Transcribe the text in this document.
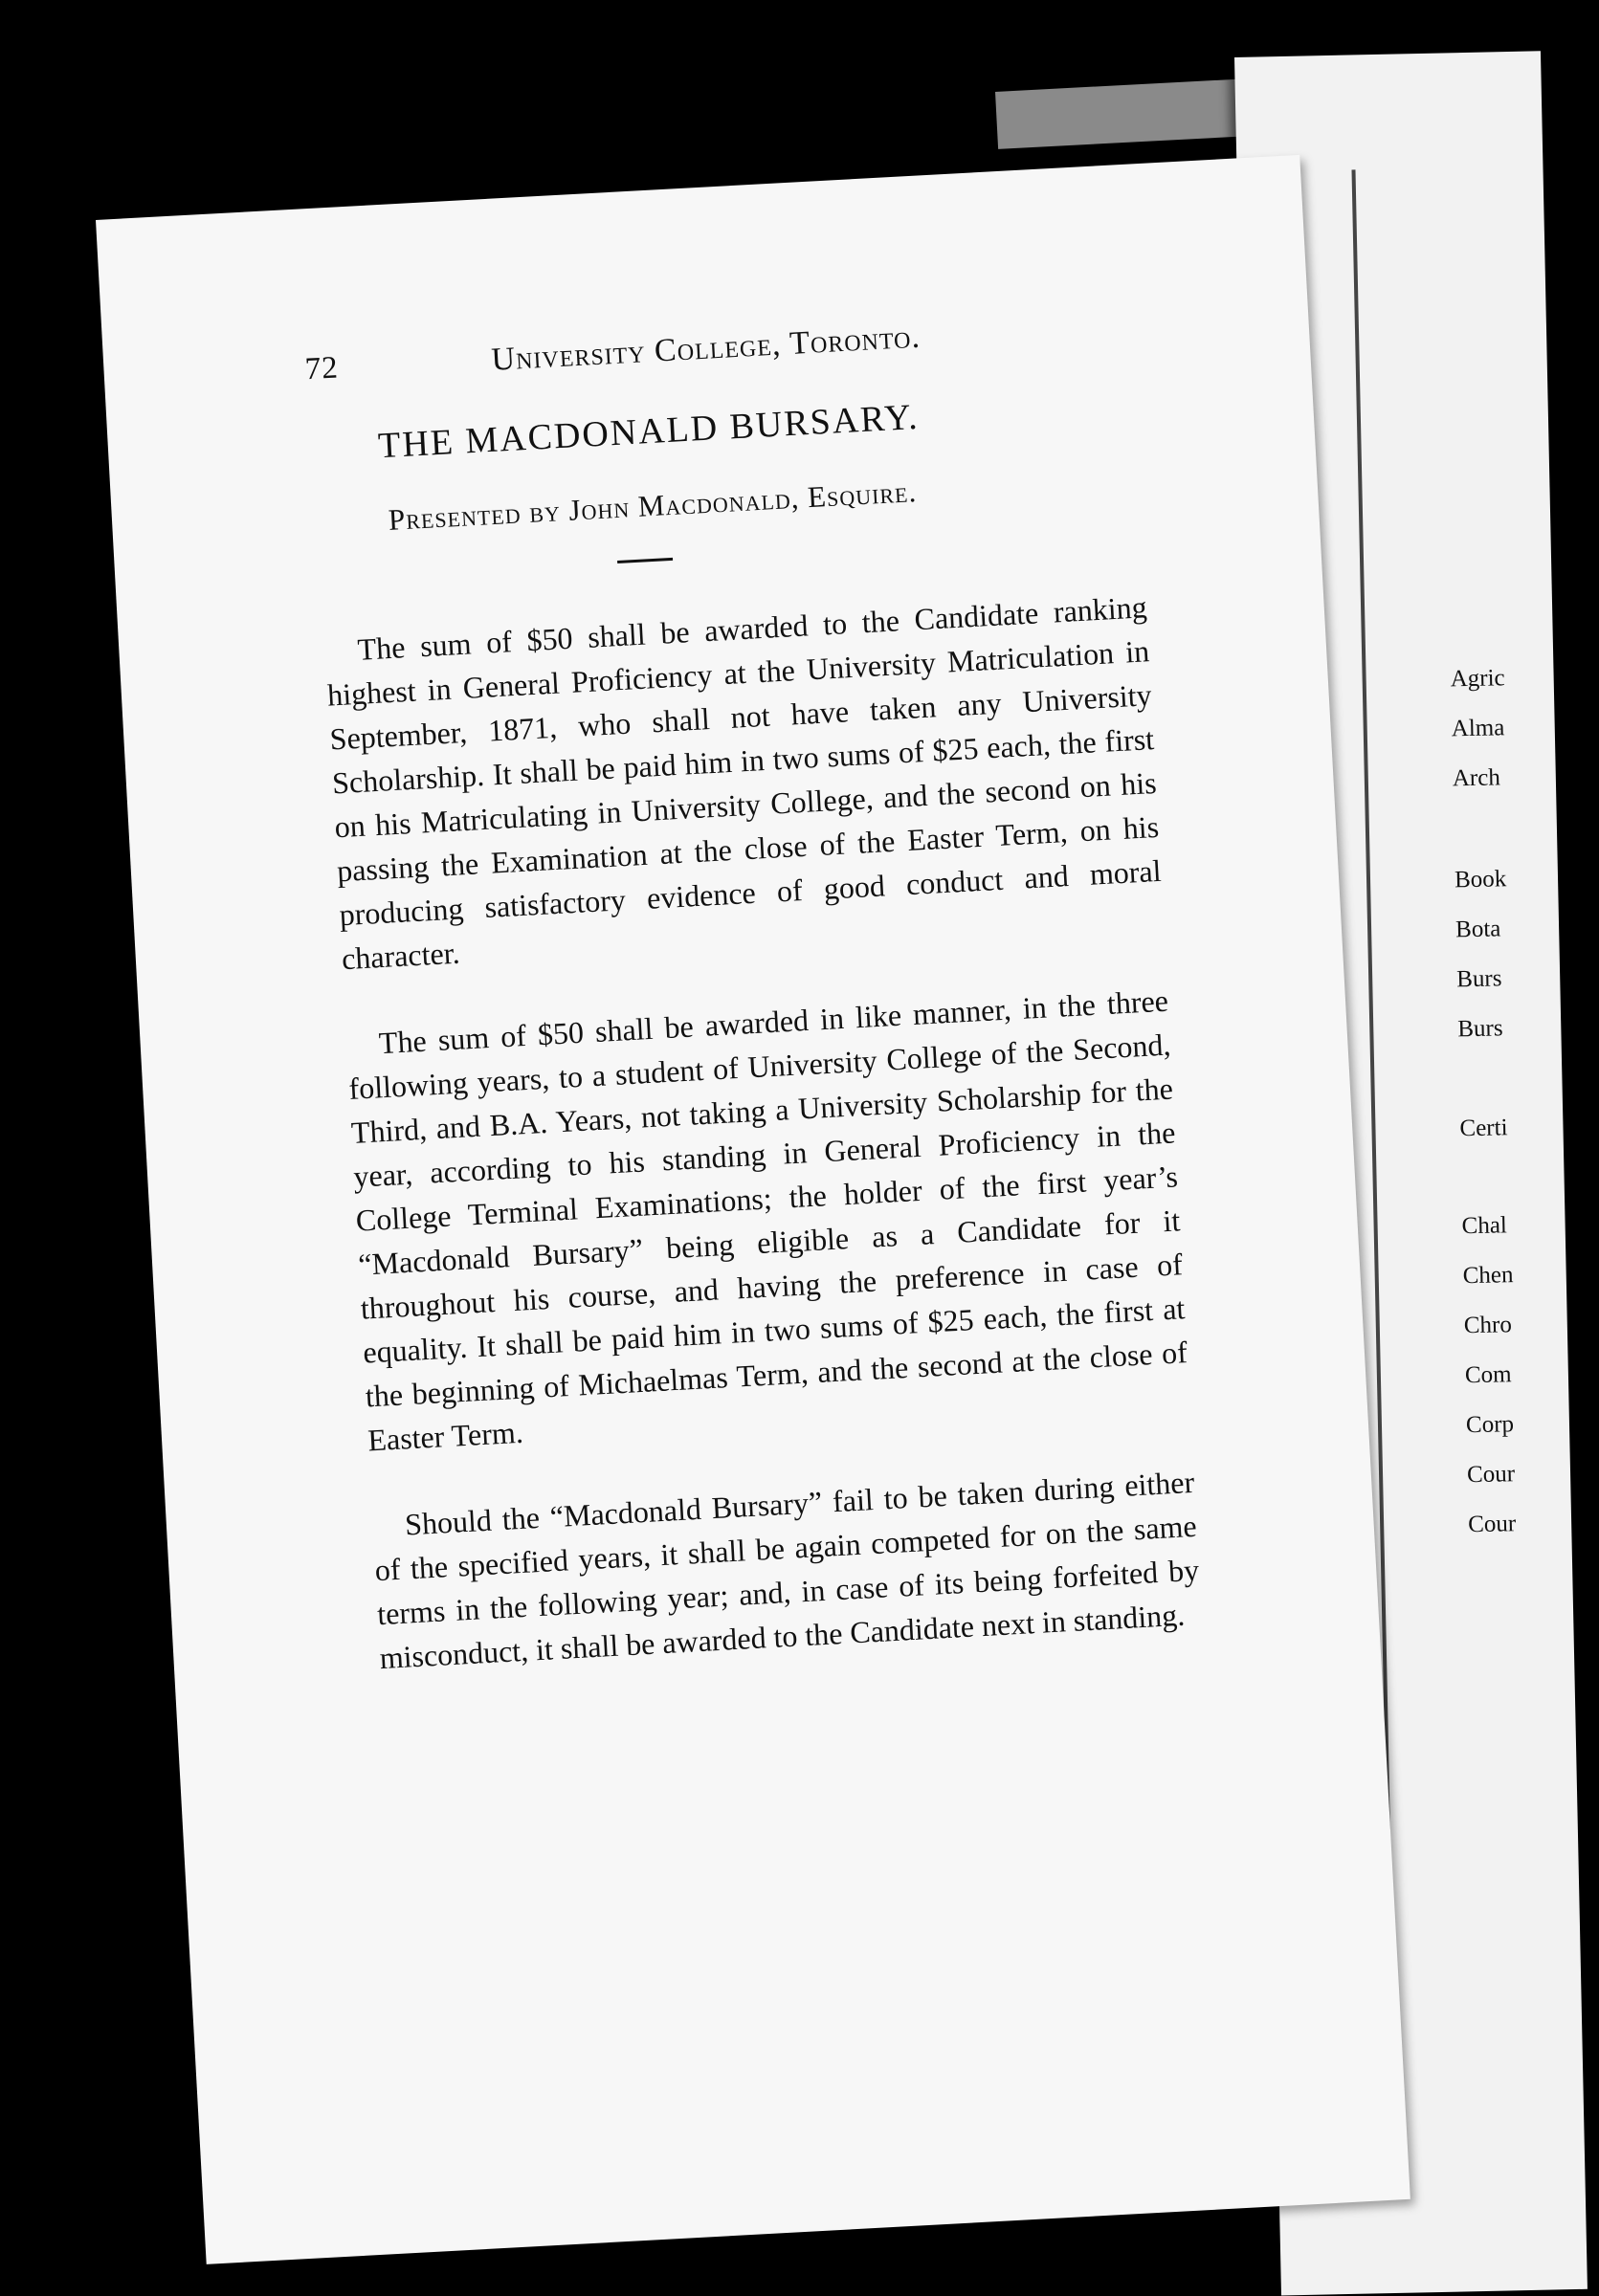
Agric
Alma
Arch
Book
Bota
Burs
Burs
Certi
Chal
Chen
Chro
Com
Corp
Cour
Cour
72	University College, Toronto.
THE MACDONALD BURSARY.
Presented by John Macdonald, Esquire.

The sum of $50 shall be awarded to the Candidate ranking highest in General Proficiency at the University Matriculation in September, 1871, who shall not have taken any University Scholarship. It shall be paid him in two sums of $25 each, the first on his Matriculating in University College, and the second on his passing the Examination at the close of the Easter Term, on his producing satisfactory evidence of good conduct and moral character.

The sum of $50 shall be awarded in like manner, in the three following years, to a student of University College of the Second, Third, and B.A. Years, not taking a University Scholarship for the year, according to his standing in General Proficiency in the College Terminal Examinations; the holder of the first year’s “Macdonald Bursary” being eligible as a Candidate for it throughout his course, and having the preference in case of equality. It shall be paid him in two sums of $25 each, the first at the beginning of Michaelmas Term, and the second at the close of Easter Term.

Should the “Macdonald Bursary” fail to be taken during either of the specified years, it shall be again competed for on the same terms in the following year; and, in case of its being forfeited by misconduct, it shall be awarded to the Candidate next in standing.
